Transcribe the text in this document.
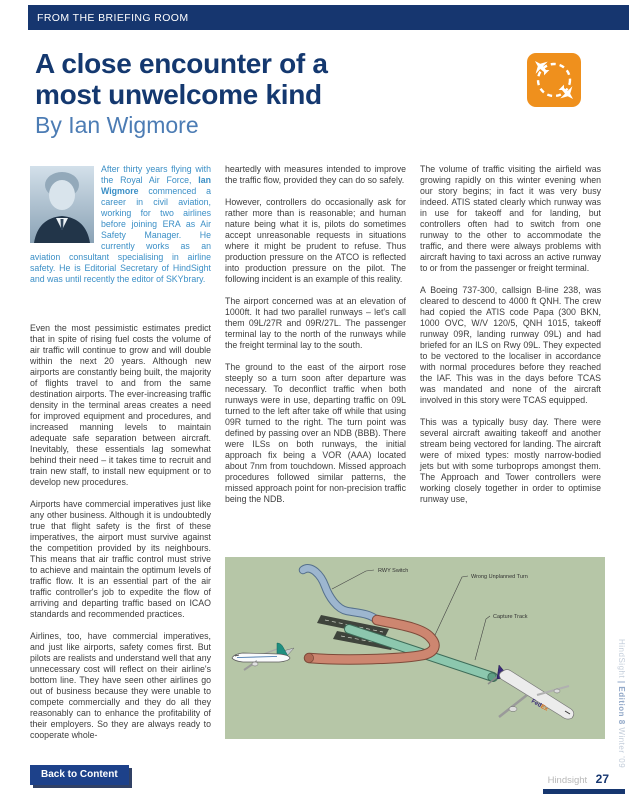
FROM THE BRIEFING ROOM
A close encounter of a
most unwelcome kind
By Ian Wigmore
After thirty years flying with the Royal Air Force, Ian Wigmore commenced a career in civil aviation, working for two airlines before joining ERA as Air Safety Manager. He currently works as an aviation consultant specialising in airline safety. He is Editorial Secretary of HindSight and was until recently the editor of SKYbrary.

Even the most pessimistic estimates predict that in spite of rising fuel costs the volume of air traffic will continue to grow and will double within the next 20 years. Although new airports are constantly being built, the majority of flights travel to and from the same destination airports. The ever-increasing traffic density in the terminal areas creates a need for improved equipment and procedures, and increased manning levels to maintain adequate safe separation between aircraft. Inevitably, these essentials lag somewhat behind their need – it takes time to recruit and train new staff, to install new equipment or to develop new procedures.

Airports have commercial imperatives just like any other business. Although it is undoubtedly true that flight safety is the first of these imperatives, the airport must survive against the competition provided by its neighbours. This means that air traffic control must strive to achieve and maintain the optimum levels of traffic flow. It is an essential part of the air traffic controller's job to expedite the flow of arriving and departing traffic based on ICAO standards and recommended practices.

Airlines, too, have commercial imperatives, and just like airports, safety comes first. But pilots are realists and understand well that any unnecessary cost will reflect on their airline's bottom line. They have seen other airlines go out of business because they were unable to compete commercially and they do all they reasonably can to enhance the profitability of their employers. So they are always ready to cooperate whole-

heartedly with measures intended to improve the traffic flow, provided they can do so safely.

However, controllers do occasionally ask for rather more than is reasonable; and human nature being what it is, pilots do sometimes accept unreasonable requests in situations where it might be prudent to refuse. Thus production pressure on the ATCO is reflected into production pressure on the pilot. The following incident is an example of this reality.

The airport concerned was at an elevation of 1000ft. It had two parallel runways – let's call them 09L/27R and 09R/27L. The passenger terminal lay to the north of the runways while the freight terminal lay to the south.

The ground to the east of the airport rose steeply so a turn soon after departure was necessary. To deconflict traffic when both runways were in use, departing traffic on 09L turned to the left after take off while that using 09R turned to the right. The turn point was defined by passing over an NDB (BBB). There were ILSs on both runways, the initial approach fix being a VOR (AAA) located about 7nm from touchdown. Missed approach procedures followed similar patterns, the missed approach point for non-precision traffic being the NDB.

The volume of traffic visiting the airfield was growing rapidly on this winter evening when our story begins; in fact it was very busy indeed. ATIS stated clearly which runway was in use for takeoff and for landing, but controllers often had to switch from one runway to the other to accommodate the traffic, and there were always problems with aircraft having to taxi across an active runway to or from the passenger or freight terminal.

A Boeing 737-300, callsign B-line 238, was cleared to descend to 4000 ft QNH. The crew had copied the ATIS code Papa (300 BKN, 1000 OVC, W/V 120/5, QNH 1015, takeoff runway 09R, landing runway 09L) and had briefed for an ILS on Rwy 09L. They expected to be vectored to the localiser in accordance with normal procedures before they reached the IAF. This was in the days before TCAS was mandated and none of the aircraft involved in this story were TCAS equipped.

This was a typically busy day. There were several aircraft awaiting takeoff and another stream being vectored for landing. The aircraft were of mixed types: mostly narrow-bodied jets but with some turboprops amongst them. The Approach and Tower controllers were working closely together in order to optimise runway use,

FedEx
RWY Switch
Wrong Unplanned Turn
Capture Track
Back to Content
Hindsight 27
HindSight | Edition 8 Winter '09
